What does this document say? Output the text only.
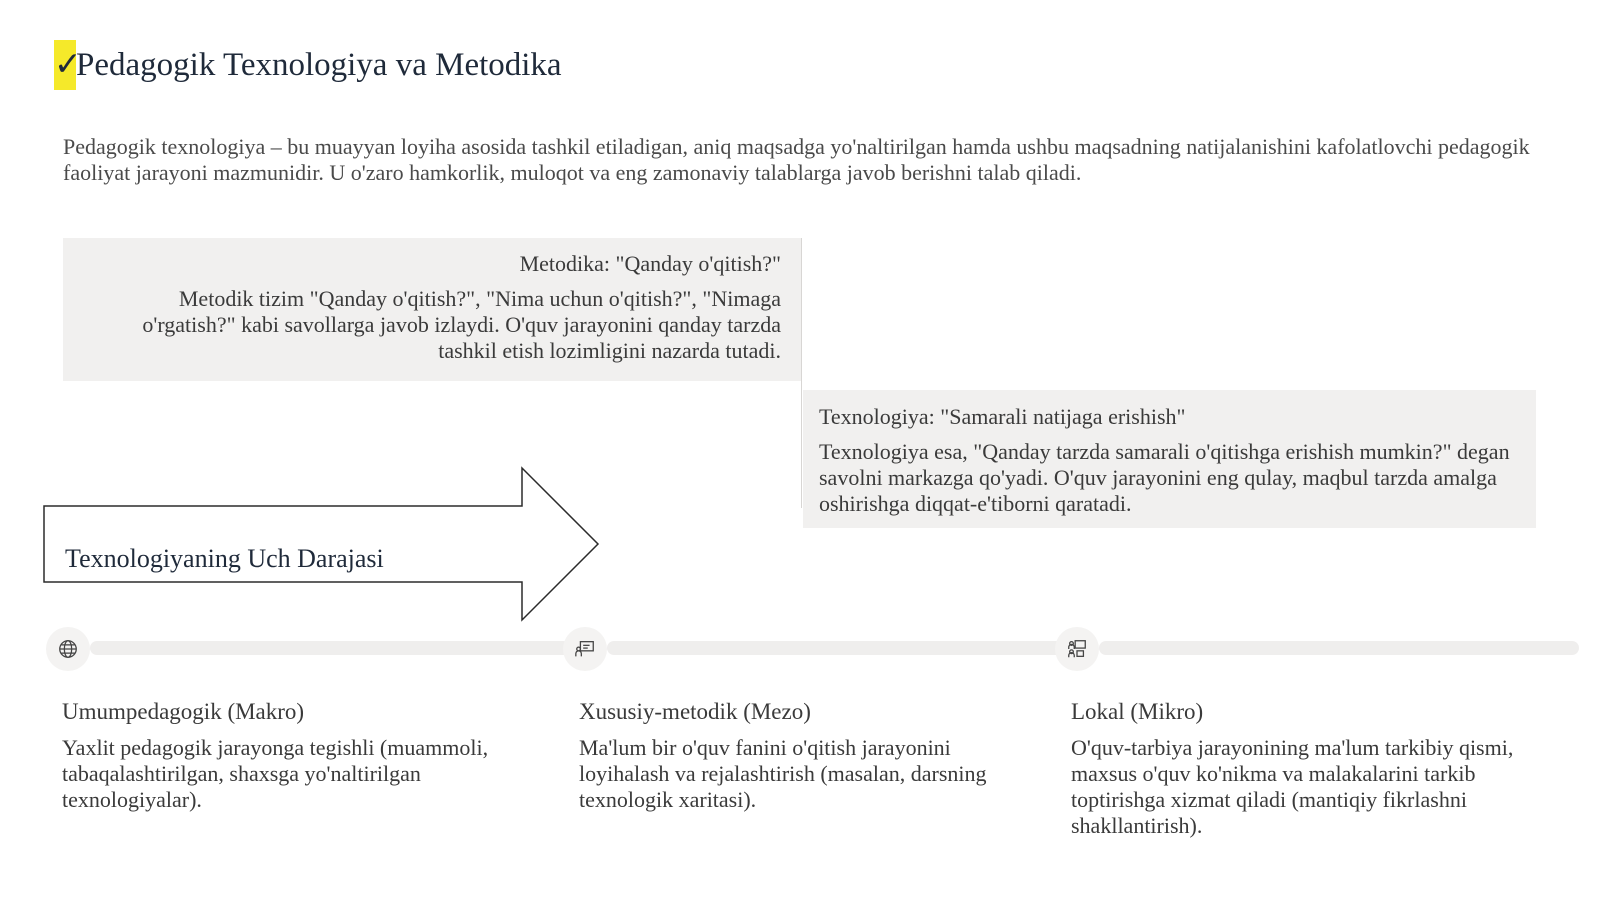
✓Pedagogik Texnologiya va Metodika
Pedagogik texnologiya – bu muayyan loyiha asosida tashkil etiladigan, aniq maqsadga yo'naltirilgan hamda ushbu maqsadning natijalanishini kafolatlovchi pedagogik faoliyat jarayoni mazmunidir. U o'zaro hamkorlik, muloqot va eng zamonaviy talablarga javob berishni talab qiladi.
Metodika: "Qanday o'qitish?"
Metodik tizim "Qanday o'qitish?", "Nima uchun o'qitish?", "Nimaga o'rgatish?" kabi savollarga javob izlaydi. O'quv jarayonini qanday tarzda tashkil etish lozimligini nazarda tutadi.
Texnologiya: "Samarali natijaga erishish"
Texnologiya esa, "Qanday tarzda samarali o'qitishga erishish mumkin?" degan savolni markazga qo'yadi. O'quv jarayonini eng qulay, maqbul tarzda amalga oshirishga diqqat-e'tiborni qaratadi.
Texnologiyaning Uch Darajasi
Umumpedagogik (Makro)
Yaxlit pedagogik jarayonga tegishli (muammoli, tabaqalashtirilgan, shaxsga yo'naltirilgan texnologiyalar).
Xususiy-metodik (Mezo)
Ma'lum bir o'quv fanini o'qitish jarayonini loyihalash va rejalashtirish (masalan, darsning texnologik xaritasi).
Lokal (Mikro)
O'quv-tarbiya jarayonining ma'lum tarkibiy qismi, maxsus o'quv ko'nikma va malakalarini tarkib toptirishga xizmat qiladi (mantiqiy fikrlashni shakllantirish).
